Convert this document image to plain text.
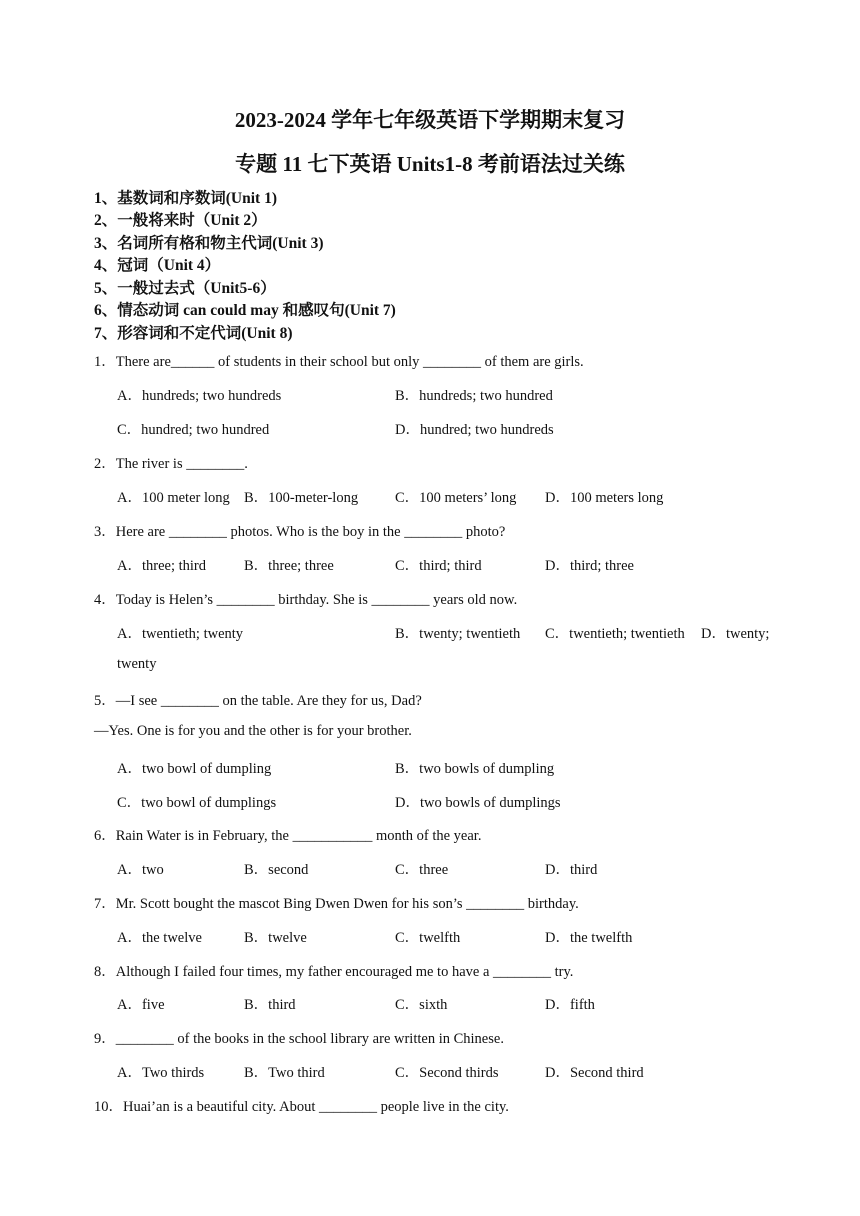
2023-2024 学年七年级英语下学期期末复习
专题 11 七下英语 Units1-8 考前语法过关练
1、基数词和序数词(Unit 1)
2、一般将来时（Unit 2）
3、名词所有格和物主代词(Unit 3)
4、冠词（Unit 4）
5、一般过去式（Unit5-6）
6、情态动词 can could may 和感叹句(Unit 7)
7、形容词和不定代词(Unit 8)
1．There are______ of students in their school but only ________ of them are girls.
A．hundreds; two hundreds	B．hundreds; two hundred
C．hundred; two hundred	D．hundred; two hundreds
2．The river is ________.
A．100 meter long B．100-meter-long	C．100 meters’ long D．100 meters long
3．Here are ________ photos. Who is the boy in the ________ photo?
A．three; third	B．three; three	C．third; third	D．third; three
4．Today is Helen’s ________ birthday. She is ________ years old now.
A．twentieth; twenty	B．twenty; twentieth C．twentieth; twentieth D．twenty;
twenty
5．—I see ________ on the table. Are they for us, Dad?
—Yes. One is for you and the other is for your brother.
A．two bowl of dumpling	B．two bowls of dumpling
C．two bowl of dumplings	D．two bowls of dumplings
6．Rain Water is in February, the ___________ month of the year.
A．two	B．second	C．three	D．third
7．Mr. Scott bought the mascot Bing Dwen Dwen for his son’s ________ birthday.
A．the twelve	B．twelve	C．twelfth	D．the twelfth
8．Although I failed four times, my father encouraged me to have a ________ try.
A．five	B．third	C．sixth	D．fifth
9．________ of the books in the school library are written in Chinese.
A．Two thirds	B．Two third	C．Second thirds	D．Second third
10．Huai’an is a beautiful city. About ________ people live in the city.
